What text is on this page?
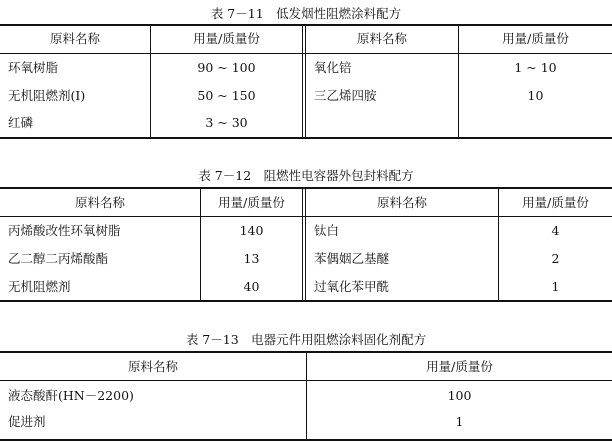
表 7－11　低发烟性阻燃涂料配方
原料名称	用量/质量份	原料名称	用量/质量份
环氧树脂	90 ~ 100	氧化锫	1 ~ 10
无机阻燃剂(Ⅰ)	50 ~ 150	三乙烯四胺	10
红磷	3 ~ 30
表 7－12　阻燃性电容器外包封料配方
原料名称	用量/质量份	原料名称	用量/质量份
丙烯酸改性环氧树脂	140	钛白	4
乙二醇二丙烯酸酯	13	苯偶姻乙基醚	2
无机阻燃剂	40	过氧化苯甲酰	1
表 7－13　电器元件用阻燃涂料固化剂配方
原料名称	用量/质量份
液态酸酐(HN－2200)	100
促进剂	1
